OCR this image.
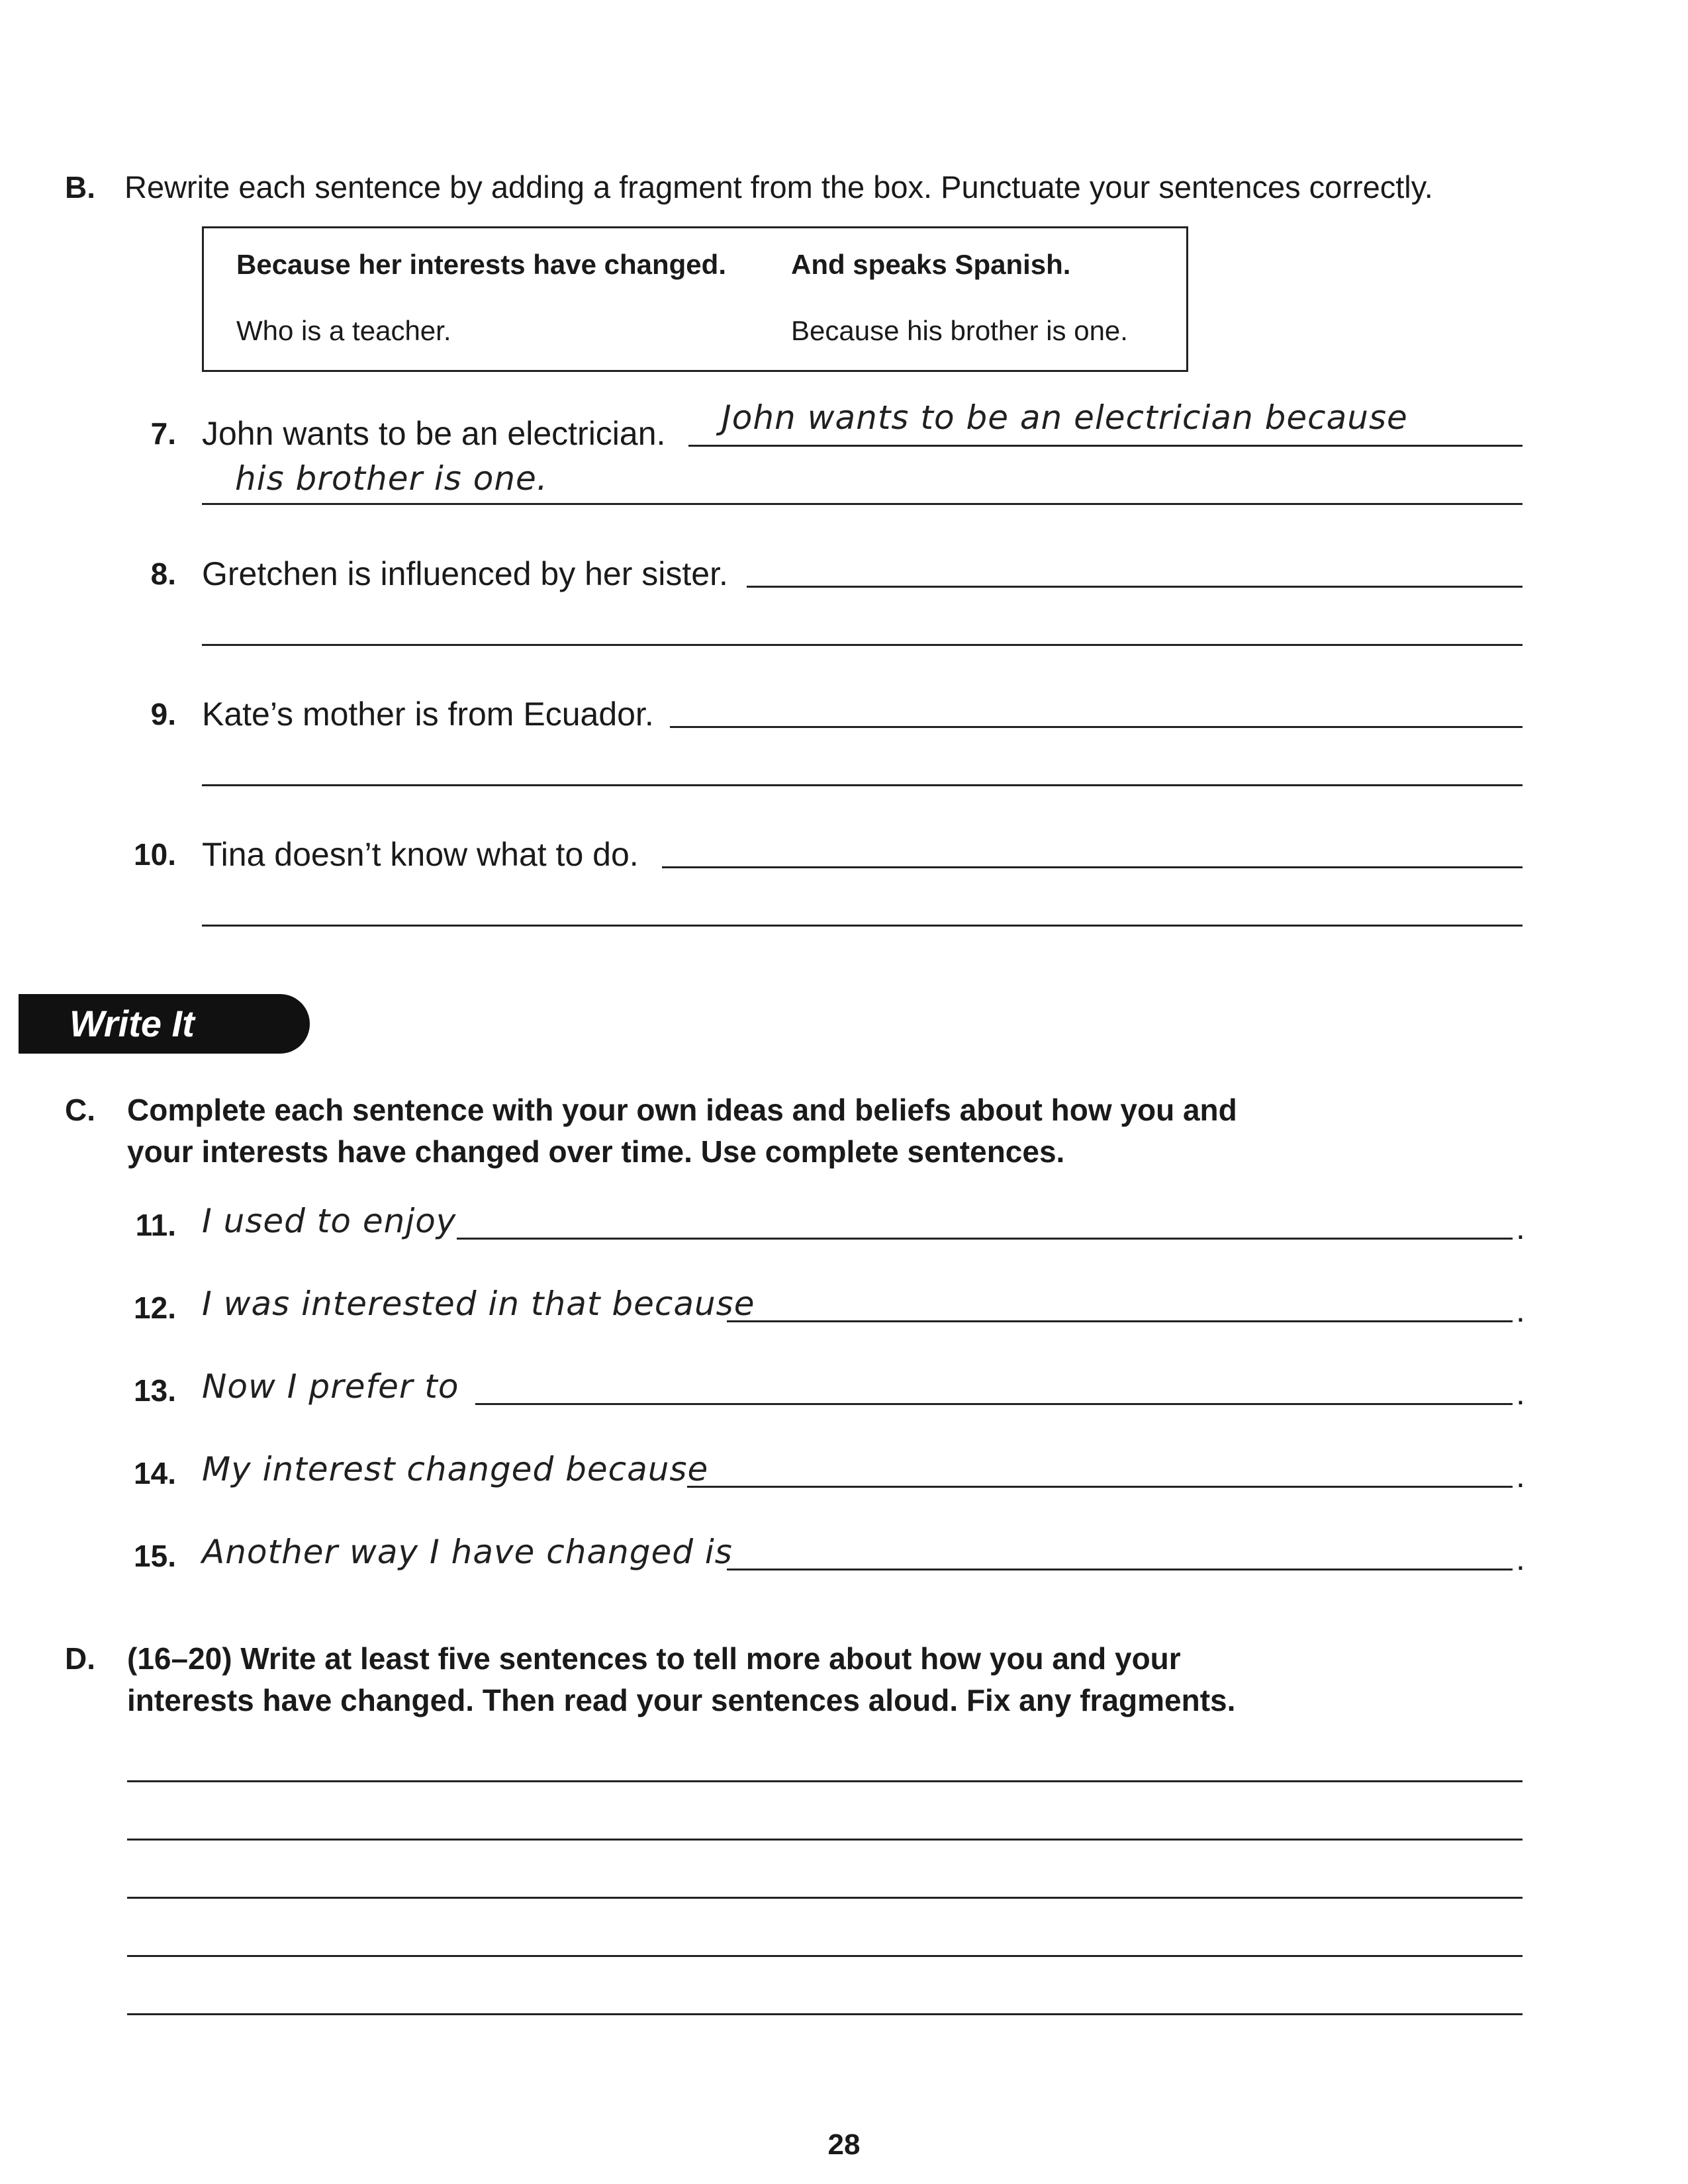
B. Rewrite each sentence by adding a fragment from the box. Punctuate your sentences correctly.
Because her interests have changed. And speaks Spanish.
Who is a teacher.	Because his brother is one.
7. John wants to be an electrician. John wants to be an electrician because
his brother is one.
8. Gretchen is influenced by her sister.
9. Kate’s mother is from Ecuador.
10. Tina doesn’t know what to do.
Write It
C. Complete each sentence with your own ideas and beliefs about how you and
your interests have changed over time. Use complete sentences.
11. I used to enjoy	.
12. I was interested in that because	.
13. Now I prefer to	.
14. My interest changed because	.
15. Another way I have changed is	.
D. (16–20) Write at least five sentences to tell more about how you and your
interests have changed. Then read your sentences aloud. Fix any fragments.
28
